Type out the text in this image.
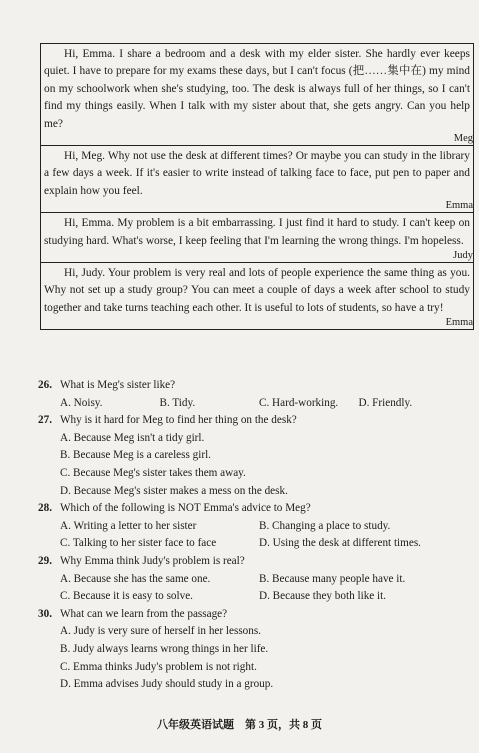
Hi, Emma. I share a bedroom and a desk with my elder sister. She hardly ever keeps quiet. I have to prepare for my exams these days, but I can't focus (把……集中在) my mind on my schoolwork when she's studying, too. The desk is always full of her things, so I can't find my things easily. When I talk with my sister about that, she gets angry. Can you help me?

Meg

Hi, Meg. Why not use the desk at different times? Or maybe you can study in the library a few days a week. If it's easier to write instead of talking face to face, put pen to paper and explain how you feel.

Emma

Hi, Emma. My problem is a bit embarrassing. I just find it hard to study. I can't keep on studying hard. What's worse, I keep feeling that I'm learning the wrong things. I'm hopeless.

Judy

Hi, Judy. Your problem is very real and lots of people experience the same thing as you. Why not set up a study group? You can meet a couple of days a week after school to study together and take turns teaching each other. It is useful to lots of students, so have a try!

Emma
26. What is Meg's sister like?
A. Noisy.	B. Tidy.	C. Hard-working.	D. Friendly.
27. Why is it hard for Meg to find her thing on the desk?
A. Because Meg isn't a tidy girl.
B. Because Meg is a careless girl.
C. Because Meg's sister takes them away.
D. Because Meg's sister makes a mess on the desk.
28. Which of the following is NOT Emma's advice to Meg?
A. Writing a letter to her sister	B. Changing a place to study.
C. Talking to her sister face to face	D. Using the desk at different times.
29. Why Emma think Judy's problem is real?
A. Because she has the same one.	B. Because many people have it.
C. Because it is easy to solve.	D. Because they both like it.
30. What can we learn from the passage?
A. Judy is very sure of herself in her lessons.
B. Judy always learns wrong things in her life.
C. Emma thinks Judy's problem is not right.
D. Emma advises Judy should study in a group.
八年级英语试题　第 3 页，共 8 页
